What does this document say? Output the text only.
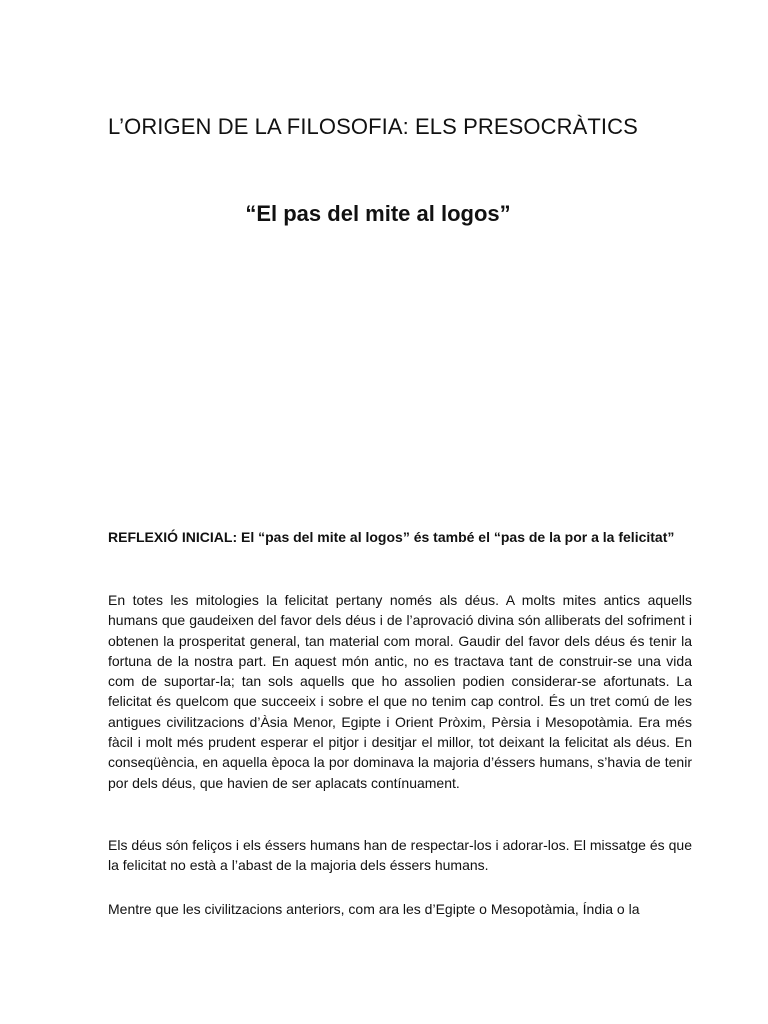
L’ORIGEN DE LA FILOSOFIA: ELS PRESOCRÀTICS
“El pas del mite al logos”
REFLEXIÓ INICIAL: El “pas del mite al logos” és també el “pas de la por a la felicitat”

En totes les mitologies la felicitat pertany només als déus. A molts mites antics aquells humans que gaudeixen del favor dels déus i de l’aprovació divina són alliberats del sofriment i obtenen la prosperitat general, tan material com moral. Gaudir del favor dels déus és tenir la fortuna de la nostra part. En aquest món antic, no es tractava tant de construir-se una vida com de suportar-la; tan sols aquells que ho assolien podien considerar-se afortunats. La felicitat és quelcom que succeeix i sobre el que no tenim cap control. És un tret comú de les antigues civilitzacions d’Àsia Menor, Egipte i Orient Pròxim, Pèrsia i Mesopotàmia. Era més fàcil i molt més prudent esperar el pitjor i desitjar el millor, tot deixant la felicitat als déus. En conseqüència, en aquella època la por dominava la majoria d’éssers humans, s’havia de tenir por dels déus, que havien de ser aplacats contínuament.

Els déus són feliços i els éssers humans han de respectar-los i adorar-los. El missatge és que la felicitat no està a l’abast de la majoria dels éssers humans.

Mentre que les civilitzacions anteriors, com ara les d’Egipte o Mesopotàmia, Índia o la
